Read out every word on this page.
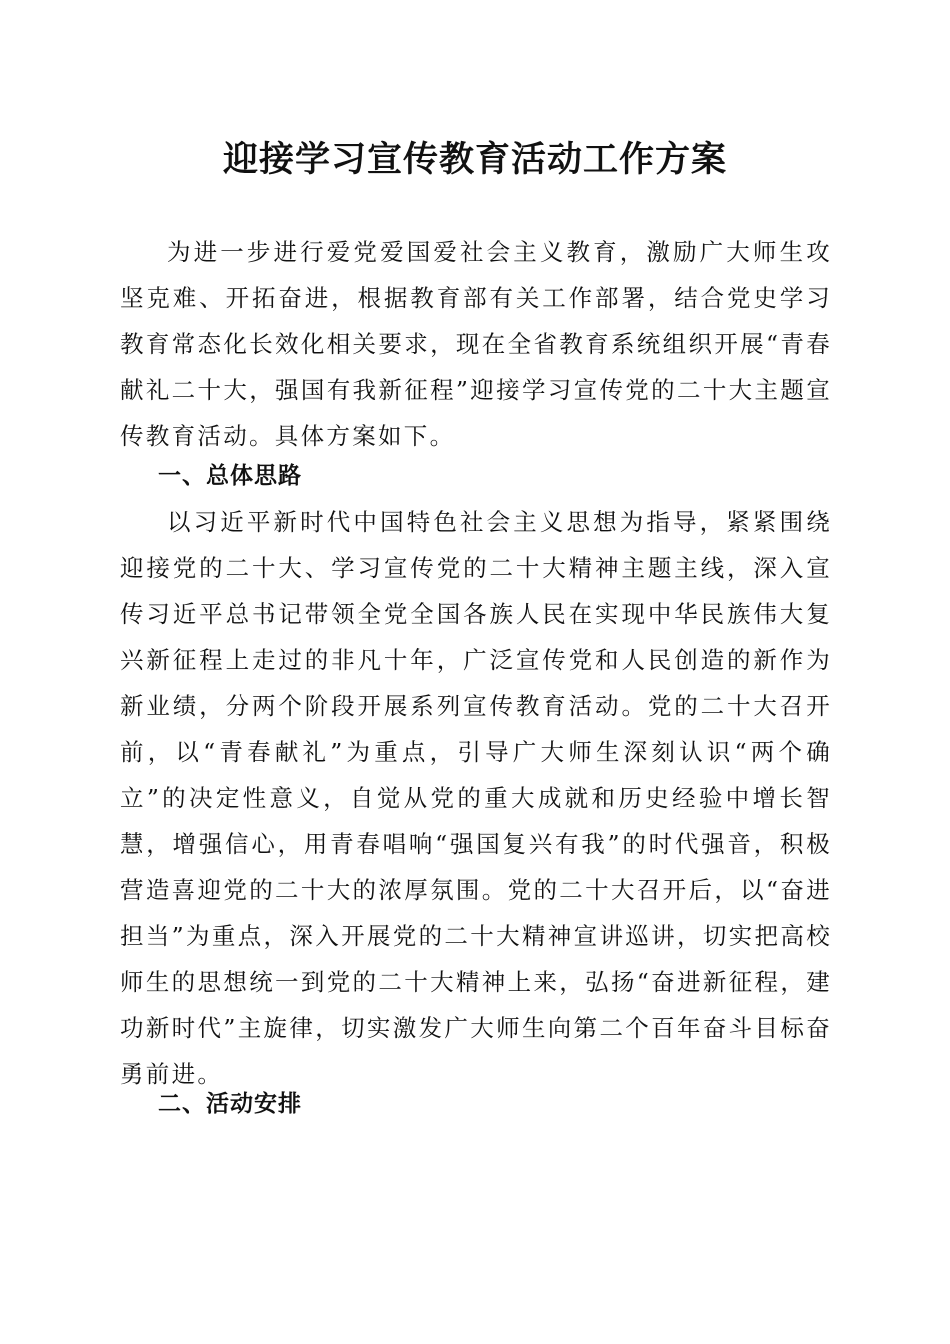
迎接学习宣传教育活动工作方案

为进一步进行爱党爱国爱社会主义教育，激励广大师生攻坚克难、开拓奋进，根据教育部有关工作部署，结合党史学习教育常态化长效化相关要求，现在全省教育系统组织开展“青春献礼二十大，强国有我新征程”迎接学习宣传党的二十大主题宣传教育活动。具体方案如下。

一、总体思路

以习近平新时代中国特色社会主义思想为指导，紧紧围绕迎接党的二十大、学习宣传党的二十大精神主题主线，深入宣传习近平总书记带领全党全国各族人民在实现中华民族伟大复兴新征程上走过的非凡十年，广泛宣传党和人民创造的新作为新业绩，分两个阶段开展系列宣传教育活动。党的二十大召开前，以“青春献礼”为重点，引导广大师生深刻认识“两个确立”的决定性意义，自觉从党的重大成就和历史经验中增长智慧，增强信心，用青春唱响“强国复兴有我”的时代强音，积极营造喜迎党的二十大的浓厚氛围。党的二十大召开后，以“奋进担当”为重点，深入开展党的二十大精神宣讲巡讲，切实把高校师生的思想统一到党的二十大精神上来，弘扬“奋进新征程，建功新时代”主旋律，切实激发广大师生向第二个百年奋斗目标奋勇前进。

二、活动安排
